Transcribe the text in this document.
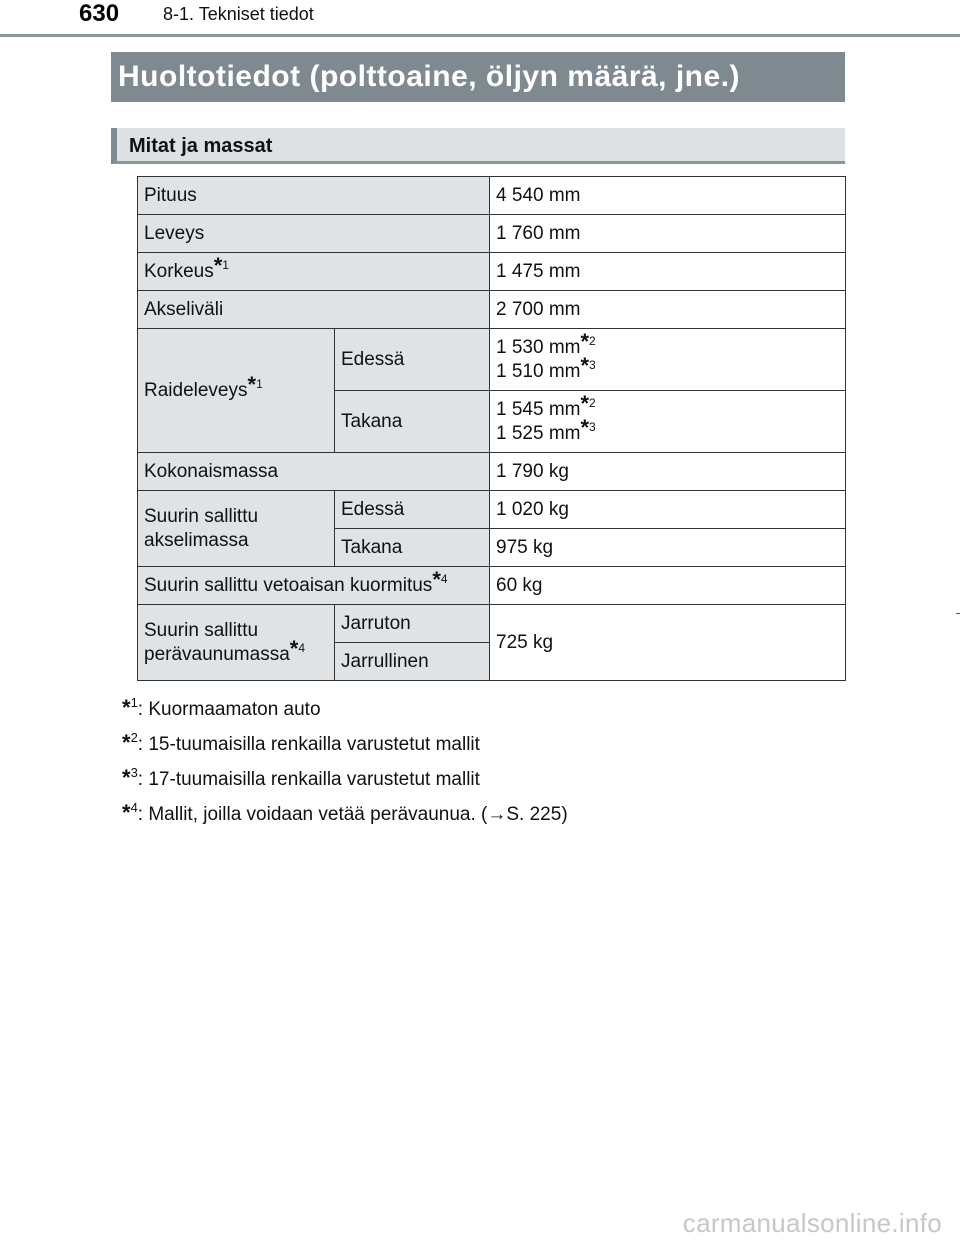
630 8-1. Tekniset tiedot
Huoltotiedot (polttoaine, öljyn määrä, jne.)
Mitat ja massat
Pituus		4 540 mm
Leveys		1 760 mm
Korkeus*$^1$		1 475 mm
Akseliväli		2 700 mm
Raideleveys*$^1$	Edessä	1 530 mm*$^2$
1 510 mm*$^3$

	Takana	1 545 mm*$^2$
1 525 mm*$^3$

Kokonaismassa		1 790 kg

Suurin sallittu
akselimassa	Edessä	1 020 kg
	Takana	975 kg
Suurin sallittu vetoaisan kuormitus*$^4$		60 kg

Suurin sallittu
perävaunumassa*$^4$	Jarruton	725 kg
	Jarrullinen	
*$^1$: Kuormaamaton auto
*$^2$: 15-tuumaisilla renkailla varustetut mallit
*$^3$: 17-tuumaisilla renkailla varustetut mallit
*$^4$: Mallit, joilla voidaan vetää perävaunua. (→S. 225)
carmanualsonline.info
